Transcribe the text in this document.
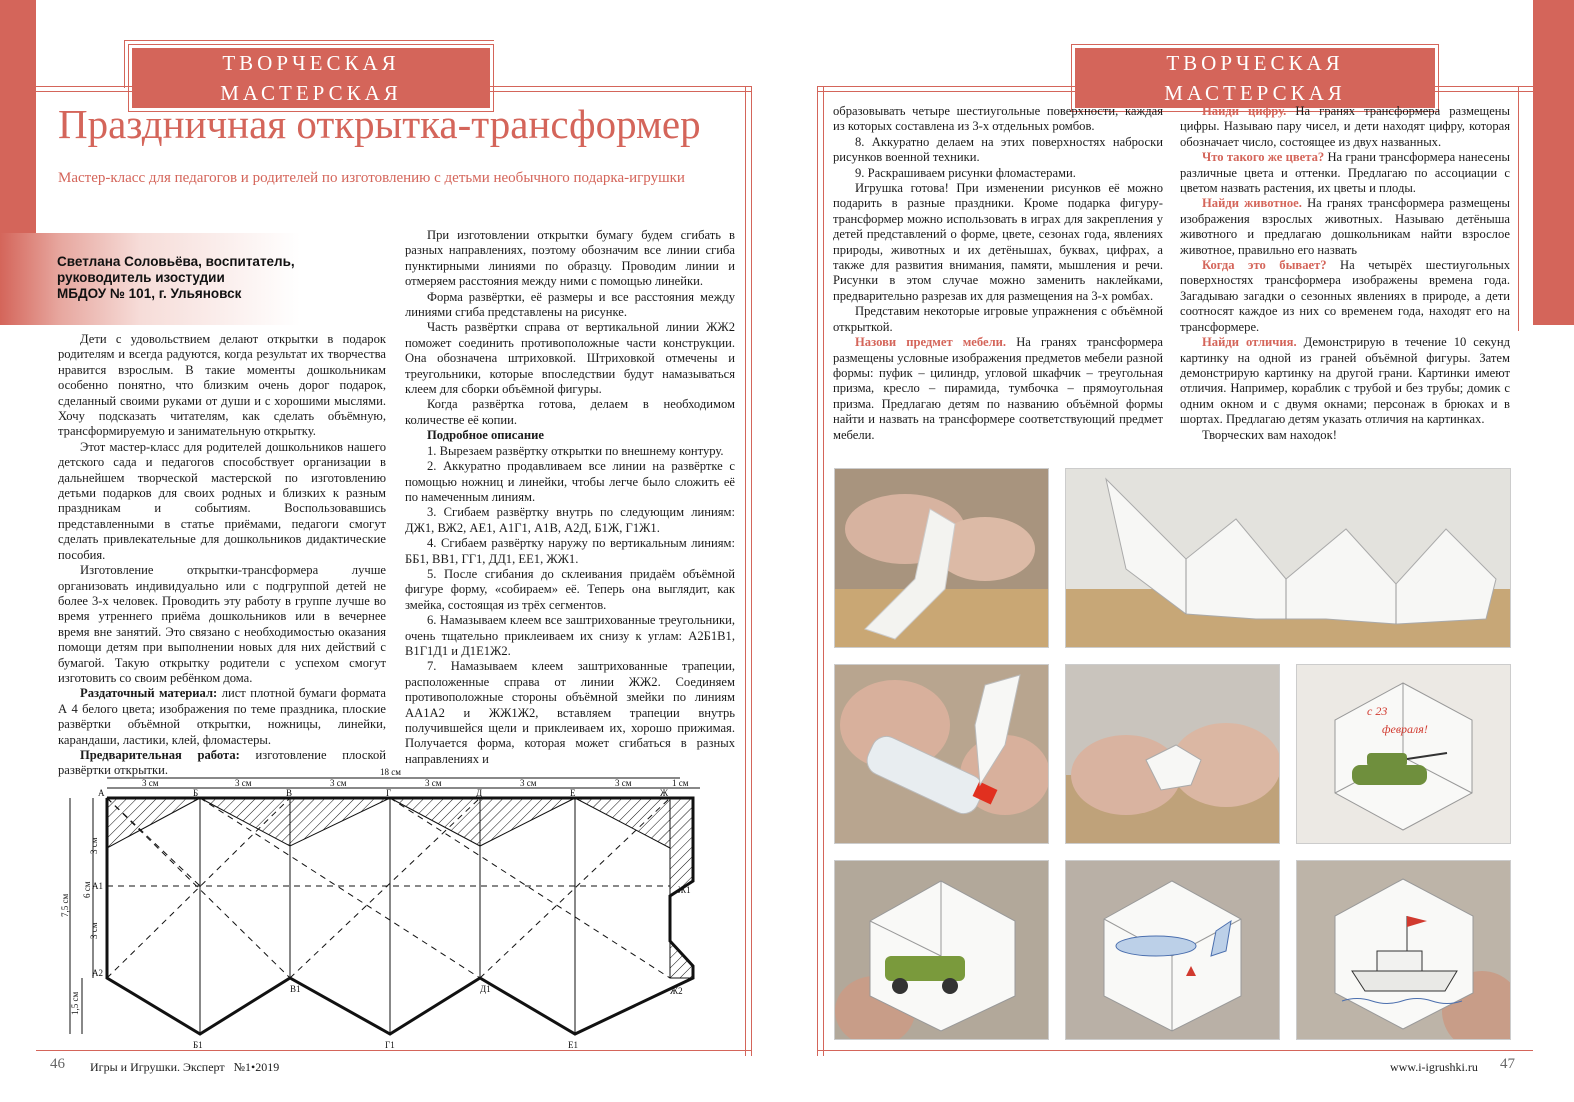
ТВОРЧЕСКАЯ МАСТЕРСКАЯ
ТВОРЧЕСКАЯ МАСТЕРСКАЯ
Праздничная открытка-трансформер
Мастер-класс для педагогов и родителей по изготовлению с детьми необычного подарка-игрушки
Светлана Соловьёва, воспитатель,
руководитель изостудии
МБДОУ № 101, г. Ульяновск

Дети с удовольствием делают открытки в подарок родителям и всегда радуются, когда результат их творчества нравится взрослым. В такие моменты дошкольникам особенно понятно, что близким очень дорог подарок, сделанный своими руками от души и с хорошими мыслями. Хочу подсказать читателям, как сделать объёмную, трансформируемую и занимательную открытку.

Этот мастер-класс для родителей дошкольников нашего детского сада и педагогов способствует организации в дальнейшем творческой мастерской по изготовлению детьми подарков для своих родных и близких к разным праздникам и событиям. Воспользовавшись представленными в статье приёмами, педагоги смогут сделать привлекательные для дошкольников дидактические пособия.

Изготовление открытки-трансформера лучше организовать индивидуально или с подгруппой детей не более 3-х человек. Проводить эту работу в группе лучше во время утреннего приёма дошкольников или в вечернее время вне занятий. Это связано с необходимостью оказания помощи детям при выполнении новых для них действий с бумагой. Такую открытку родители с успехом смогут изготовить со своим ребёнком дома.

Раздаточный материал: лист плотной бумаги формата А 4 белого цвета; изображения по теме праздника, плоские развёртки объёмной открытки, ножницы, линейки, карандаши, ластики, клей, фломастеры.

Предварительная работа: изготовление плоской развёртки открытки.

При изготовлении открытки бумагу будем сгибать в разных направлениях, поэтому обозначим все линии сгиба пунктирными линиями по образцу. Проводим линии и отмеряем расстояния между ними с помощью линейки.

Форма развёртки, её размеры и все расстояния между линиями сгиба представлены на рисунке.

Часть развёртки справа от вертикальной линии ЖЖ2 поможет соединить противоположные части конструкции. Она обозначена штриховкой. Штриховкой отмечены и треугольники, которые впоследствии будут намазываться клеем для сборки объёмной фигуры.

Когда развёртка готова, делаем в необходимом количестве её копии.

Подробное описание

1. Вырезаем развёртку открытки по внешнему контуру.

2. Аккуратно продавливаем все линии на развёртке с помощью ножниц и линейки, чтобы легче было сложить её по намеченным линиям.

3. Сгибаем развёртку внутрь по следующим линиям: ДЖ1, ВЖ2, АЕ1, А1Г1, А1В, А2Д, Б1Ж, Г1Ж1.

4. Сгибаем развёртку наружу по вертикальным линиям: ББ1, ВВ1, ГГ1, ДД1, ЕЕ1, ЖЖ1.

5. После сгибания до склеивания придаём объёмной фигуре форму, «собираем» её. Теперь она выглядит, как змейка, состоящая из трёх сегментов.

6. Намазываем клеем все заштрихованные треугольники, очень тщательно приклеиваем их снизу к углам: А2Б1В1, В1Г1Д1 и Д1Е1Ж2.

7. Намазываем клеем заштрихованные трапеции, расположенные справа от линии ЖЖ2. Соединяем противоположные стороны объёмной змейки по линиям АА1А2 и ЖЖ1Ж2, вставляем трапеции внутрь получившейся щели и приклеиваем их, хорошо прижимая. Получается форма, которая может сгибаться в разных направлениях и

18 см
3 см	3 см	3 см	3 см	3 см	3 см	1 см
7,5 см
6 см
3 см
3 см
1,5 см
А	Б	В	Г	Д	Е	Ж
А1
А2
Ж1
Ж2
Б1
В1
Г1
Д1
Е1

образовывать четыре шестиугольные поверхности, каждая из которых составлена из 3-х отдельных ромбов.

8. Аккуратно делаем на этих поверхностях наброски рисунков военной техники.

9. Раскрашиваем рисунки фломастерами.

Игрушка готова! При изменении рисунков её можно подарить в разные праздники. Кроме подарка фигуру-трансформер можно использовать в играх для закрепления у детей представлений о форме, цвете, сезонах года, явлениях природы, животных и их детёнышах, буквах, цифрах, а также для развития внимания, памяти, мышления и речи. Рисунки в этом случае можно заменить наклейками, предварительно разрезав их для размещения на 3-х ромбах.

Представим некоторые игровые упражнения с объёмной открыткой.

Назови предмет мебели. На гранях трансформера размещены условные изображения предметов мебели разной формы: пуфик – цилиндр, угловой шкафчик – треугольная призма, кресло – пирамида, тумбочка – прямоугольная призма. Предлагаю детям по названию объёмной формы найти и назвать на трансформере соответствующий предмет мебели.

Найди цифру. На гранях трансформера размещены цифры. Называю пару чисел, и дети находят цифру, которая обозначает число, состоящее из двух названных.

Что такого же цвета? На грани трансформера нанесены различные цвета и оттенки. Предлагаю по ассоциации с цветом назвать растения, их цветы и плоды.

Найди животное. На гранях трансформера размещены изображения взрослых животных. Называю детёныша животного и предлагаю дошкольникам найти взрослое животное, правильно его назвать

Когда это бывает? На четырёх шестиугольных поверхностях трансформера изображены времена года. Загадываю загадки о сезонных явлениях в природе, а дети соотносят каждое из них со временем года, находят его на трансформере.

Найди отличия. Демонстрирую в течение 10 секунд картинку на одной из граней объёмной фигуры. Затем демонстрирую картинку на другой грани. Картинки имеют отличия. Например, кораблик с трубой и без трубы; домик с одним окном и с двумя окнами; персонаж в брюках и в шортах. Предлагаю детям указать отличия на картинках.

Творческих вам находок!

с 23
февраля!
46 Игры и Игрушки. Эксперт   №1•2019	www.i-igrushki.ru 47
